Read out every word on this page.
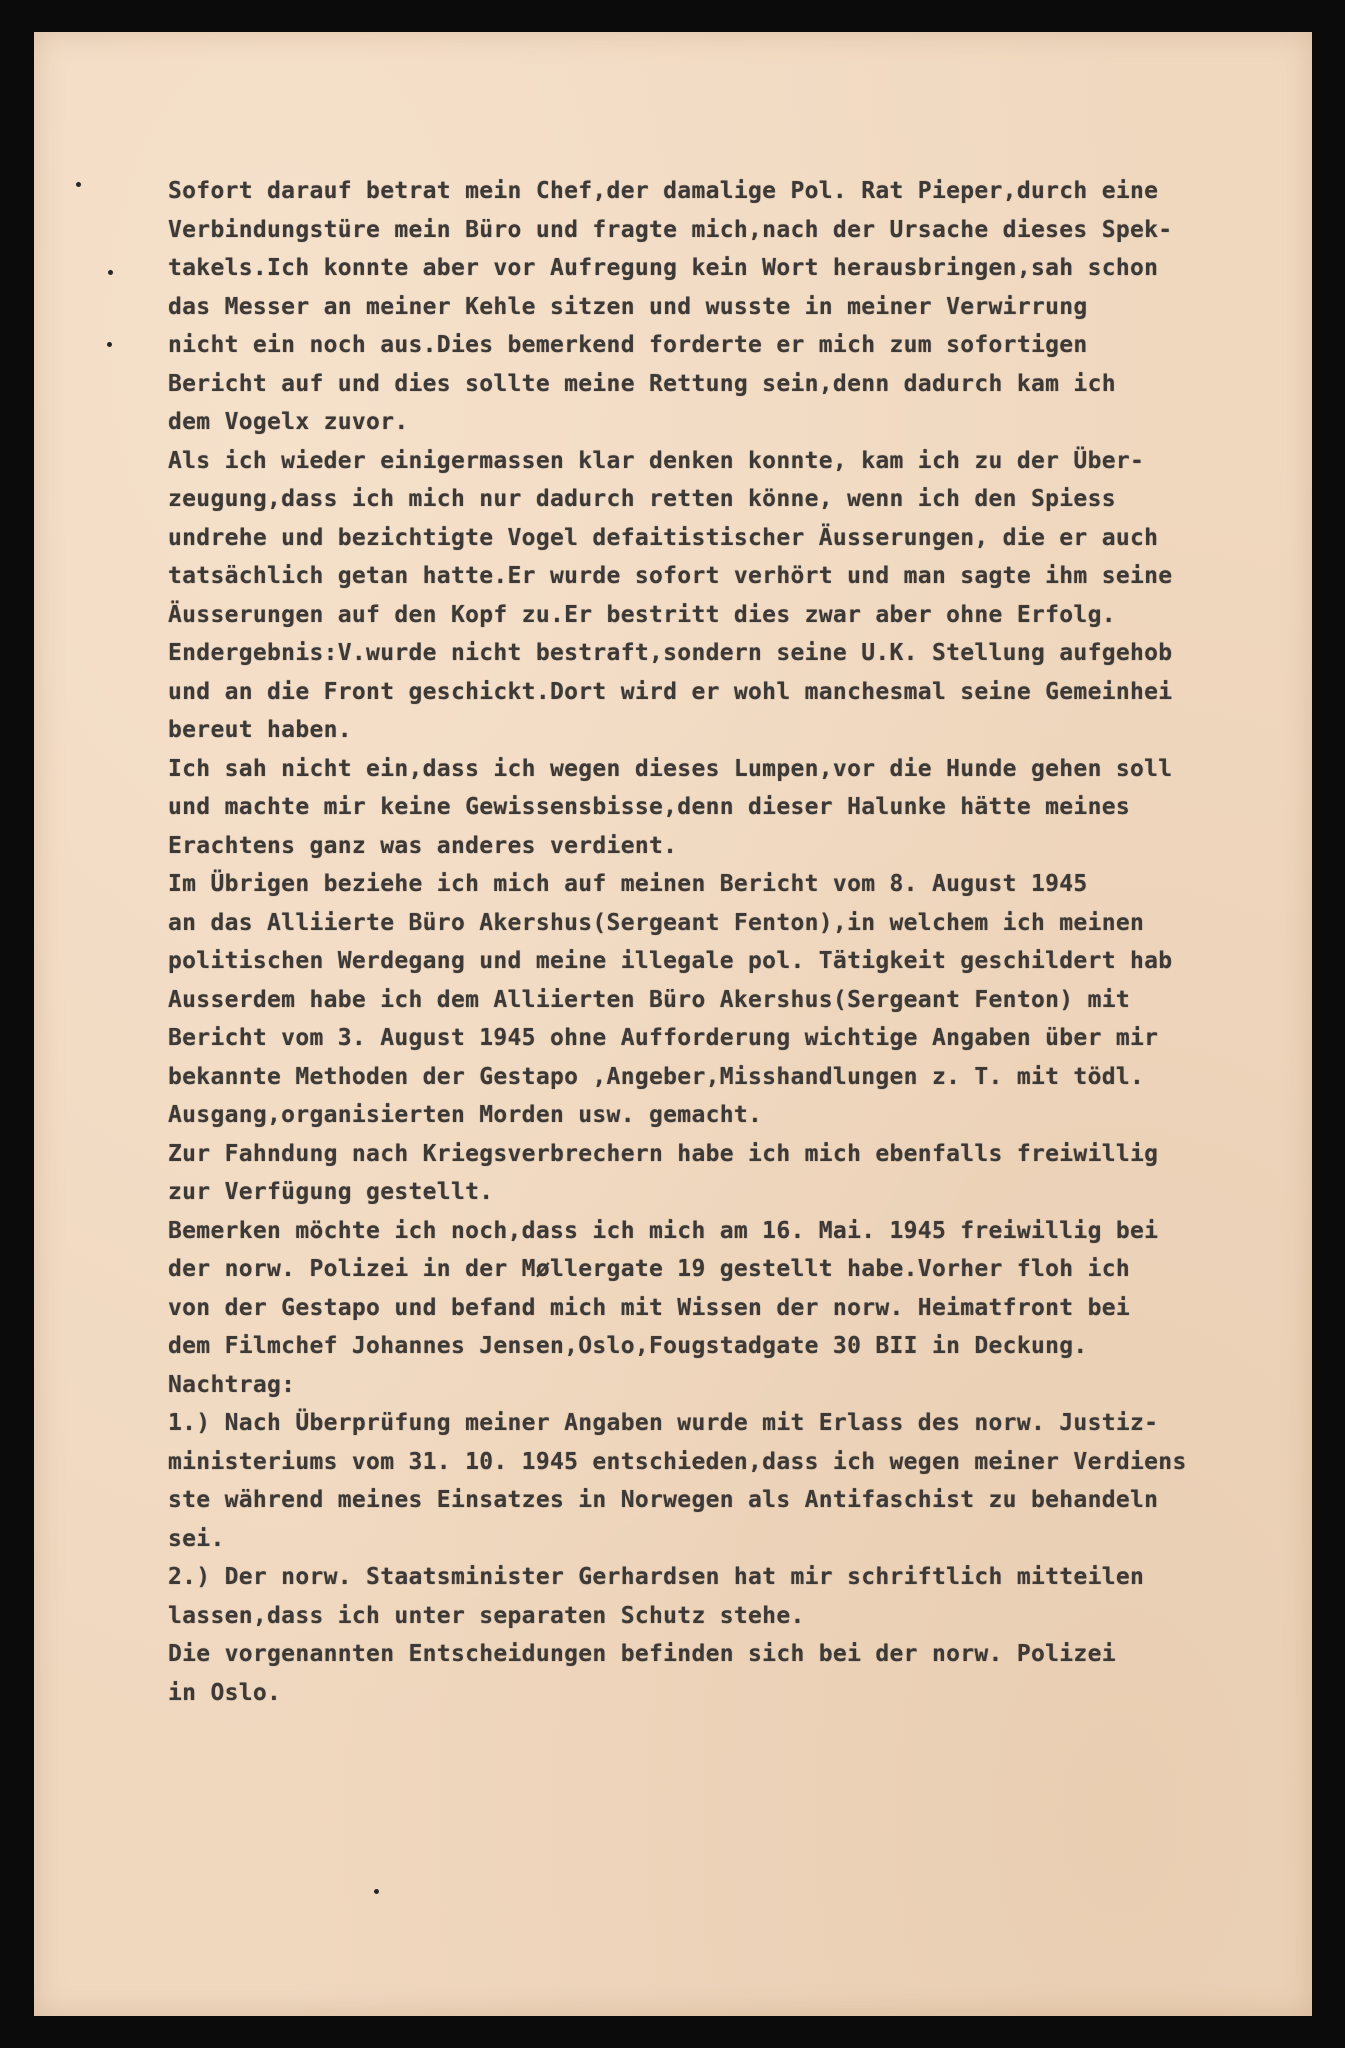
Sofort darauf betrat mein Chef,der damalige Pol. Rat Pieper,durch eine
Verbindungstüre mein Büro und fragte mich,nach der Ursache dieses Spek-
takels.Ich konnte aber vor Aufregung kein Wort herausbringen,sah schon
das Messer an meiner Kehle sitzen und wusste in meiner Verwirrung
nicht ein noch aus.Dies bemerkend forderte er mich zum sofortigen
Bericht auf und dies sollte meine Rettung sein,denn dadurch kam ich
dem Vogelx zuvor.
Als ich wieder einigermassen klar denken konnte, kam ich zu der Über-
zeugung,dass ich mich nur dadurch retten könne, wenn ich den Spiess
undrehe und bezichtigte Vogel defaitistischer Äusserungen, die er auch
tatsächlich getan hatte.Er wurde sofort verhört und man sagte ihm seine
Äusserungen auf den Kopf zu.Er bestritt dies zwar aber ohne Erfolg.
Endergebnis:V.wurde nicht bestraft,sondern seine U.K. Stellung aufgehob
und an die Front geschickt.Dort wird er wohl manchesmal seine Gemeinhei
bereut haben.
Ich sah nicht ein,dass ich wegen dieses Lumpen,vor die Hunde gehen soll
und machte mir keine Gewissensbisse,denn dieser Halunke hätte meines
Erachtens ganz was anderes verdient.
Im Übrigen beziehe ich mich auf meinen Bericht vom 8. August 1945
an das Alliierte Büro Akershus(Sergeant Fenton),in welchem ich meinen
politischen Werdegang und meine illegale pol. Tätigkeit geschildert hab
Ausserdem habe ich dem Alliierten Büro Akershus(Sergeant Fenton) mit
Bericht vom 3. August 1945 ohne Aufforderung wichtige Angaben über mir
bekannte Methoden der Gestapo ,Angeber,Misshandlungen z. T. mit tödl.
Ausgang,organisierten Morden usw. gemacht.
Zur Fahndung nach Kriegsverbrechern habe ich mich ebenfalls freiwillig
zur Verfügung gestellt.
Bemerken möchte ich noch,dass ich mich am 16. Mai. 1945 freiwillig bei
der norw. Polizei in der Møllergate 19 gestellt habe.Vorher floh ich
von der Gestapo und befand mich mit Wissen der norw. Heimatfront bei
dem Filmchef Johannes Jensen,Oslo,Fougstadgate 30 BII in Deckung.
Nachtrag:
1.) Nach Überprüfung meiner Angaben wurde mit Erlass des norw. Justiz-
ministeriums vom 31. 10. 1945 entschieden,dass ich wegen meiner Verdiens
ste während meines Einsatzes in Norwegen als Antifaschist zu behandeln
sei.
2.) Der norw. Staatsminister Gerhardsen hat mir schriftlich mitteilen
lassen,dass ich unter separaten Schutz stehe.
Die vorgenannten Entscheidungen befinden sich bei der norw. Polizei
in Oslo.
